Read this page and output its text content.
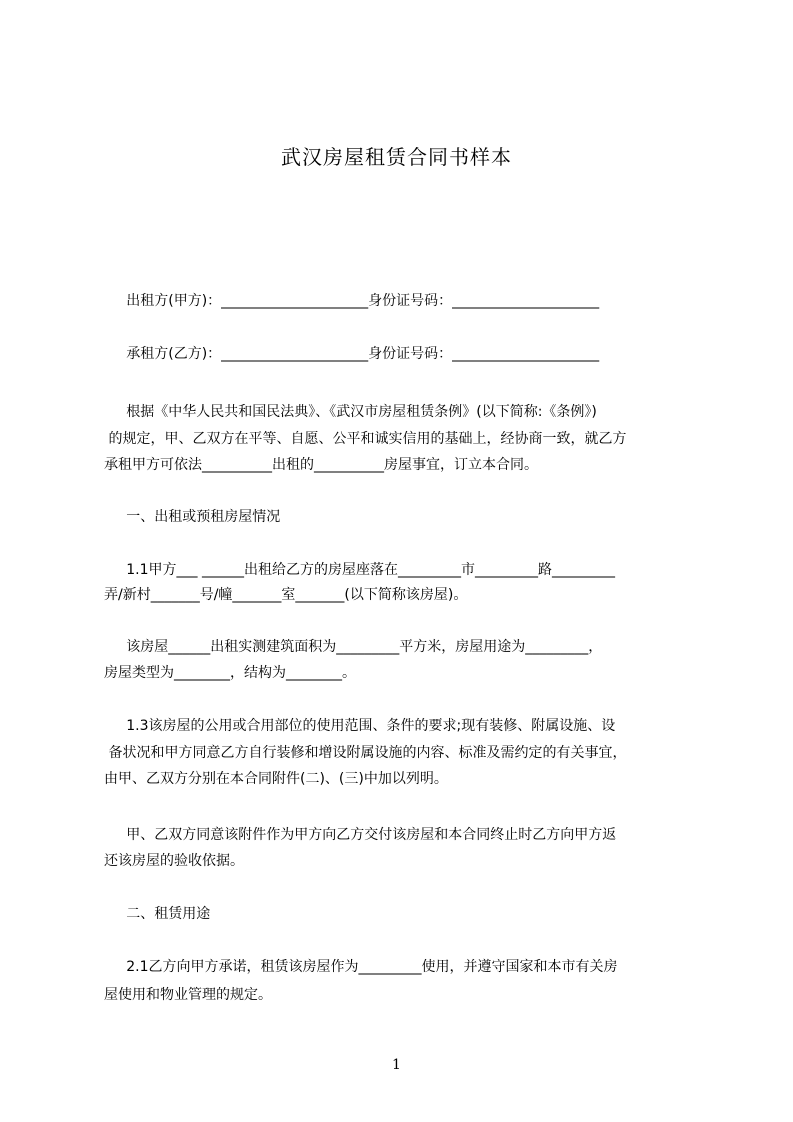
武汉房屋租赁合同书样本
出租方(甲方)：_____________________身份证号码：_____________________
承租方(乙方)：_____________________身份证号码：_____________________
根据《中华人民共和国民法典》、《武汉市房屋租赁条例》(以下简称:《条例》)
的规定，甲、乙双方在平等、自愿、公平和诚实信用的基础上，经协商一致，就乙方
承租甲方可依法__________出租的__________房屋事宜，订立本合同。
一、出租或预租房屋情况
1.1甲方___ ______出租给乙方的房屋座落在_________市_________路_________
弄/新村_______号/幢_______室_______(以下简称该房屋)。
该房屋______出租实测建筑面积为_________平方米，房屋用途为_________，
房屋类型为________，结构为________。
1.3该房屋的公用或合用部位的使用范围、条件的要求;现有装修、附属设施、设
备状况和甲方同意乙方自行装修和增设附属设施的内容、标准及需约定的有关事宜，
由甲、乙双方分别在本合同附件(二)、(三)中加以列明。
甲、乙双方同意该附件作为甲方向乙方交付该房屋和本合同终止时乙方向甲方返
还该房屋的验收依据。
二、租赁用途
2.1乙方向甲方承诺，租赁该房屋作为_________使用，并遵守国家和本市有关房
屋使用和物业管理的规定。
1
